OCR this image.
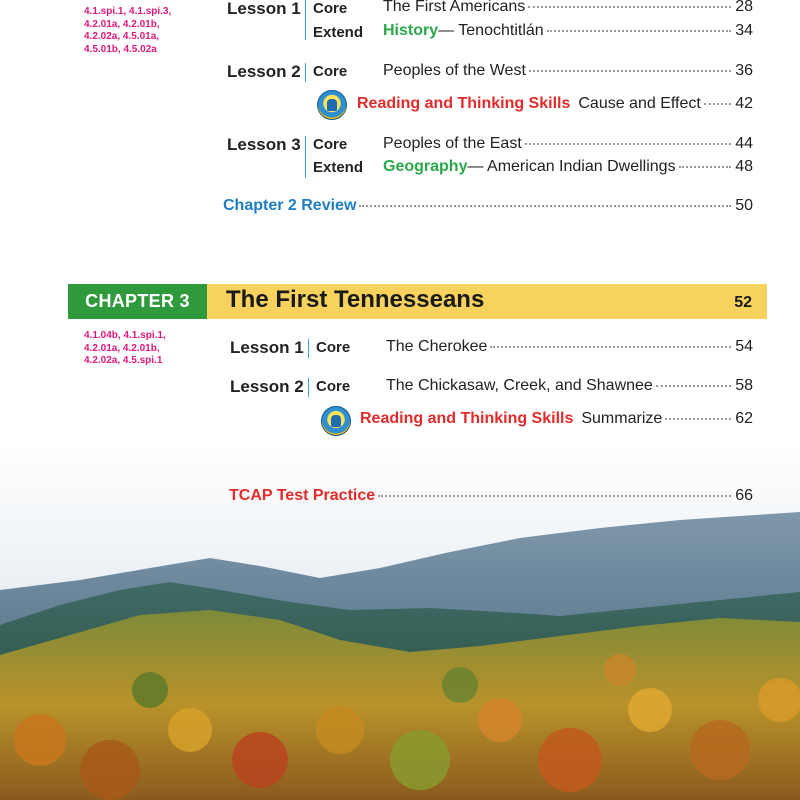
4.1.spi.1, 4.1.spi.3,
4.2.01a, 4.2.01b,
4.2.02a, 4.5.01a,
4.5.01b, 4.5.02a
Lesson 1 Core The First Americans	28
Extend History — Tenochtitlán	34
Lesson 2 Core Peoples of the West	36
Reading and Thinking Skills Cause and Effect 42
Lesson 3 Core Peoples of the East	44
Extend Geography — American Indian Dwellings	48
Chapter 2 Review	50
CHAPTER 3	The First Tennesseans	52
4.1.04b, 4.1.spi.1,
4.2.01a, 4.2.01b,
4.2.02a, 4.5.spi.1
Lesson 1 Core The Cherokee	54
Lesson 2 Core The Chickasaw, Creek, and Shawnee	58
Reading and Thinking Skills Summarize	62
TCAP Test Practice	66
